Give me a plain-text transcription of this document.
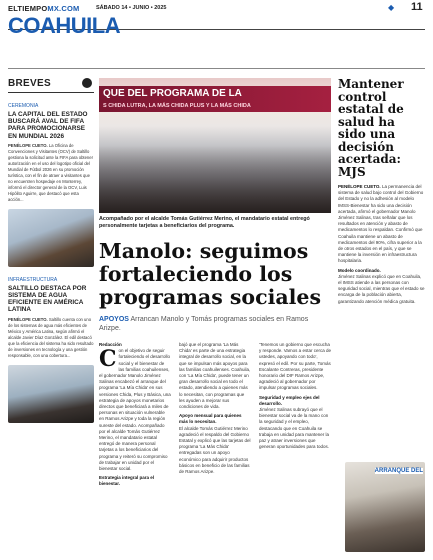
ELTIEMPOMX.COM	SÁBADO 14 • JUNIO • 2025	◆ 11
COAHUILA
BREVES
CEREMONIA
LA CAPITAL DEL ESTADO BUSCARÁ AVAL DE FIFA PARA PROMOCIONARSE EN MUNDIAL 2026
PENÉLOPE CUETO. La Oficina de Convenciones y Visitantes (OCV) de Saltillo gestiona la solicitud ante la FIFA para obtener autorización en el uso del logotipo oficial del Mundial de Fútbol 2026 en su promoción turística, con el fin de atraer a visitantes que no encuentren hospedaje en Monterrey, informó el director general de la OCV, Luis Hipólito Aguirre, que destacó que esta acción...
INFRAESTRUCTURA
SALTILLO DESTACA POR SISTEMA DE AGUA EFICIENTE EN AMÉRICA LATINA
PENÉLOPE CUETO. Saltillo cuenta con uno de los sistemas de agua más eficientes de México y América Latina, según afirmó el alcalde Javier Díaz González. El edil destacó que la eficiencia del sistema ha sido resultado de inversiones en tecnología y una gestión responsable, con una cobertura...
QUE DEL PROGRAMA DE LA
S CHIDA LUTRA, LA MÁS CHIDA PLUS Y LA MÁS CHIDA
Acompañado por el alcalde Tomás Gutiérrez Merino, el mandatario estatal entregó personalmente tarjetas a beneficiarios del programa.
Manolo: seguimos fortaleciendo los programas sociales
APOYOS Arrancan Manolo y Tomás programas sociales en Ramos Arizpe.
Redacción

C on el objetivo de seguir fortaleciendo el desarrollo social y el bienestar de las familias coahuilenses, el gobernador Manolo Jiménez Salinas encabezó el arranque del programa 'La Mía Chida' en sus versiones Chida, Plus y Básica, una estrategia de apoyos monetarios directos que beneficiará a miles de personas en situación vulnerable en Ramos Arizpe y toda la región sureste del estado. Acompañado por el alcalde Tomás Gutiérrez Merino, el mandatario estatal entregó de manera personal tarjetas a los beneficiarios del programa y reiteró su compromiso de trabajar en unidad por el bienestar social.
Estrategia integral para el bienestar.
bajó que el programa 'La Más Chida' es parte de una estrategia integral de desarrollo social, en la que se impulsan más apoyos para las familias coahuilenses. Coahuila, con 'La Mía Chida', puede tener un gran desarrollo social en todo el estado, atendiendo a quienes más lo necesitan, con programas que les ayuden a mejorar sus condiciones de vida.
Apoyo mensual para quienes más lo necesitan.
El alcalde Tomás Gutiérrez Merino agradeció el respaldo del Gobierno Estatal y explicó que las tarjetas del programa 'La Más Chida' entregadas son un apoyo económico para adquirir productos básicos en beneficio de las familias de Ramos Arizpe.
'Tenemos un gobierno que escucha y responde. Vamos a estar cerca de ustedes, apoyando con todo', expresó el edil. Por su parte, Tomás Escalante Contreras, presidente honorario del DIF Ramos Arizpe, agradeció al gobernador por impulsar programas sociales.
Seguridad y empleo ejes del desarrollo.
Jiménez Salinas subrayó que el bienestar social va de la mano con la seguridad y el empleo, destacando que en Coahuila se trabaja en unidad para mantener la paz y atraer inversiones que generan oportunidades para todos.
Mantener control estatal de salud ha sido una decisión acertada: MJS
PENÉLOPE CUETO. La permanencia del sistema de salud bajo control del Gobierno del Estado y no la adhesión al modelo IMSS-Bienestar ha sido una decisión acertada, afirmó el gobernador Manolo Jiménez Salinas, tras señalar que los resultados en atención y abasto de medicamentos lo respaldan. Confirmó que Coahuila mantiene un abasto de medicamentos del 90%, cifra superior a la de otros estados en el país, y que se mantiene la inversión en infraestructura hospitalaria.
Modelo coordinado.
Jiménez Salinas explicó que en Coahuila, el IMSS atiende a las personas con seguridad social, mientras que el estado se encarga de la población abierta, garantizando atención médica gratuita.
ARRANQUE DEL
